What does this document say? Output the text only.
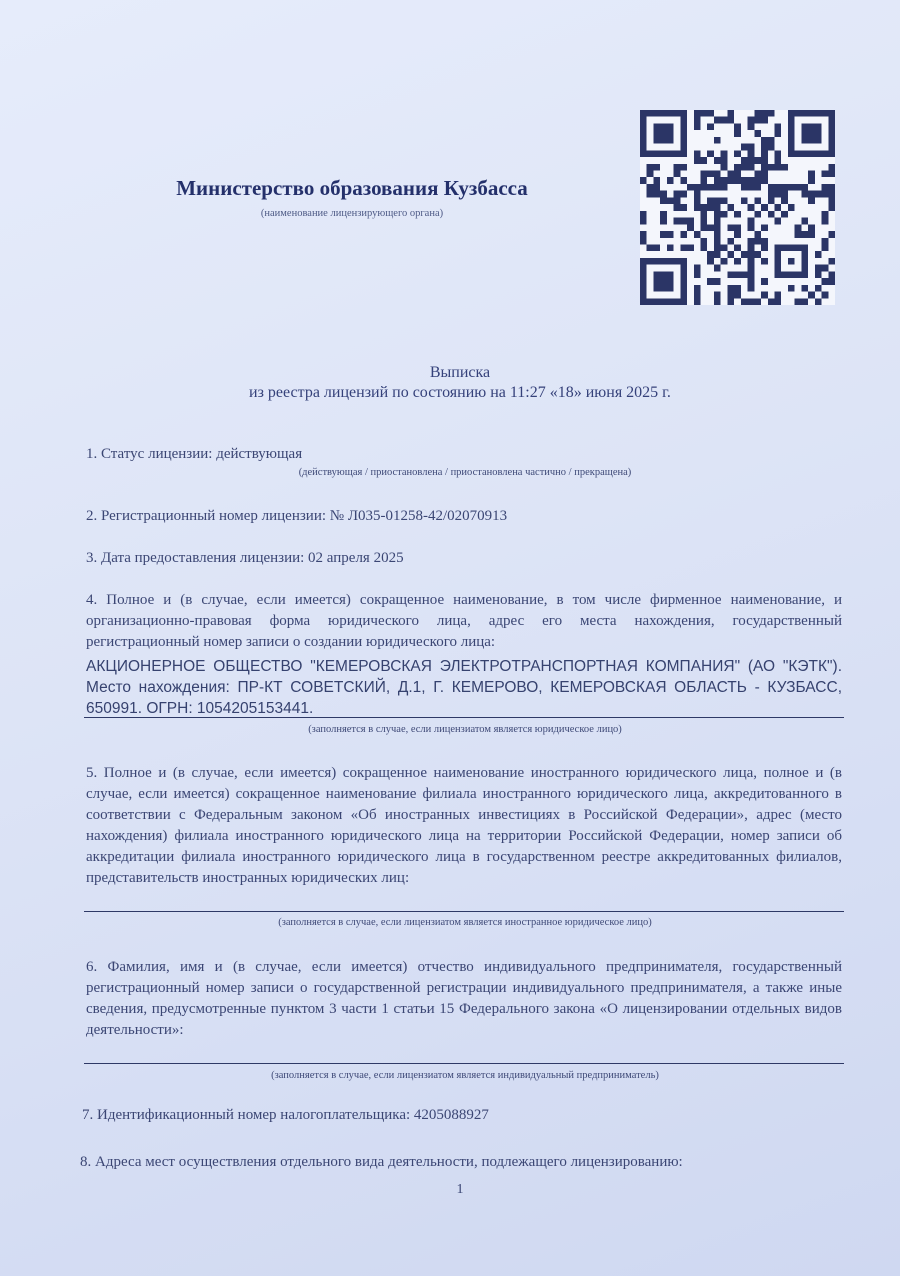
Министерство образования Кузбасса
(наименование лицензирующего органа)
Выписка
из реестра лицензий по состоянию на 11:27 «18» июня 2025 г.
1. Статус лицензии: действующая
(действующая / приостановлена / приостановлена частично / прекращена)
2. Регистрационный номер лицензии: № Л035-01258-42/02070913
3. Дата предоставления лицензии: 02 апреля 2025
4. Полное и (в случае, если имеется) сокращенное наименование, в том числе фирменное наименование, и организационно-правовая форма юридического лица, адрес его места нахождения, государственный регистрационный номер записи о создании юридического лица:
АКЦИОНЕРНОЕ ОБЩЕСТВО "КЕМЕРОВСКАЯ ЭЛЕКТРОТРАНСПОРТНАЯ КОМПАНИЯ" (АО "КЭТК"). Место нахождения: ПР-КТ СОВЕТСКИЙ, Д.1, Г. КЕМЕРОВО, КЕМЕРОВСКАЯ ОБЛАСТЬ - КУЗБАСС, 650991. ОГРН: 1054205153441.
(заполняется в случае, если лицензиатом является юридическое лицо)
5. Полное и (в случае, если имеется) сокращенное наименование иностранного юридического лица, полное и (в случае, если имеется) сокращенное наименование филиала иностранного юридического лица, аккредитованного в соответствии с Федеральным законом «Об иностранных инвестициях в Российской Федерации», адрес (место нахождения) филиала иностранного юридического лица на территории Российской Федерации, номер записи об аккредитации филиала иностранного юридического лица в государственном реестре аккредитованных филиалов, представительств иностранных юридических лиц:
(заполняется в случае, если лицензиатом является иностранное юридическое лицо)
6. Фамилия, имя и (в случае, если имеется) отчество индивидуального предпринимателя, государственный регистрационный номер записи о государственной регистрации индивидуального предпринимателя, а также иные сведения, предусмотренные пунктом 3 части 1 статьи 15 Федерального закона «О лицензировании отдельных видов деятельности»:
(заполняется в случае, если лицензиатом является индивидуальный предприниматель)
7. Идентификационный номер налогоплательщика: 4205088927
8. Адреса мест осуществления отдельного вида деятельности, подлежащего лицензированию:
1
